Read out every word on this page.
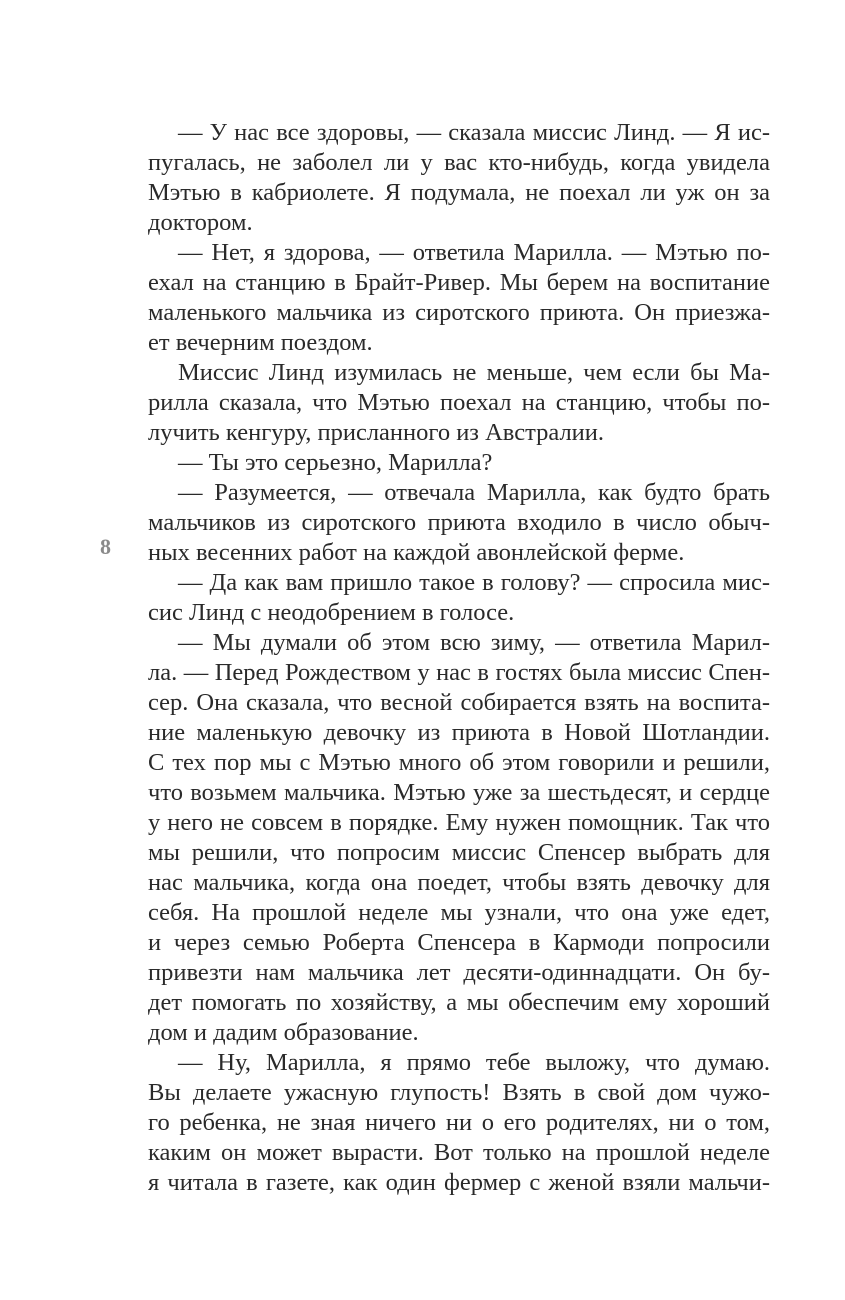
8
— У нас все здоровы, — сказала миссис Линд. — Я ис-
пугалась, не заболел ли у вас кто-нибудь, когда увидела
Мэтью в кабриолете. Я подумала, не поехал ли уж он за
доктором.
— Нет, я здорова, — ответила Марилла. — Мэтью по-
ехал на станцию в Брайт-Ривер. Мы берем на воспитание
маленького мальчика из сиротского приюта. Он приезжа-
ет вечерним поездом.
Миссис Линд изумилась не меньше, чем если бы Ма-
рилла сказала, что Мэтью поехал на станцию, чтобы по-
лучить кенгуру, присланного из Австралии.
— Ты это серьезно, Марилла?
— Разумеется, — отвечала Марилла, как будто брать
мальчиков из сиротского приюта входило в число обыч-
ных весенних работ на каждой авонлейской ферме.
— Да как вам пришло такое в голову? — спросила мис-
сис Линд с неодобрением в голосе.
— Мы думали об этом всю зиму, — ответила Марил-
ла. — Перед Рождеством у нас в гостях была миссис Спен-
сер. Она сказала, что весной собирается взять на воспита-
ние маленькую девочку из приюта в Новой Шотландии.
С тех пор мы с Мэтью много об этом говорили и решили,
что возьмем мальчика. Мэтью уже за шестьдесят, и сердце
у него не совсем в порядке. Ему нужен помощник. Так что
мы решили, что попросим миссис Спенсер выбрать для
нас мальчика, когда она поедет, чтобы взять девочку для
себя. На прошлой неделе мы узнали, что она уже едет,
и через семью Роберта Спенсера в Кармоди попросили
привезти нам мальчика лет десяти-одиннадцати. Он бу-
дет помогать по хозяйству, а мы обеспечим ему хороший
дом и дадим образование.
— Ну, Марилла, я прямо тебе выложу, что думаю.
Вы делаете ужасную глупость! Взять в свой дом чужо-
го ребенка, не зная ничего ни о его родителях, ни о том,
каким он может вырасти. Вот только на прошлой неделе
я читала в газете, как один фермер с женой взяли мальчи-
